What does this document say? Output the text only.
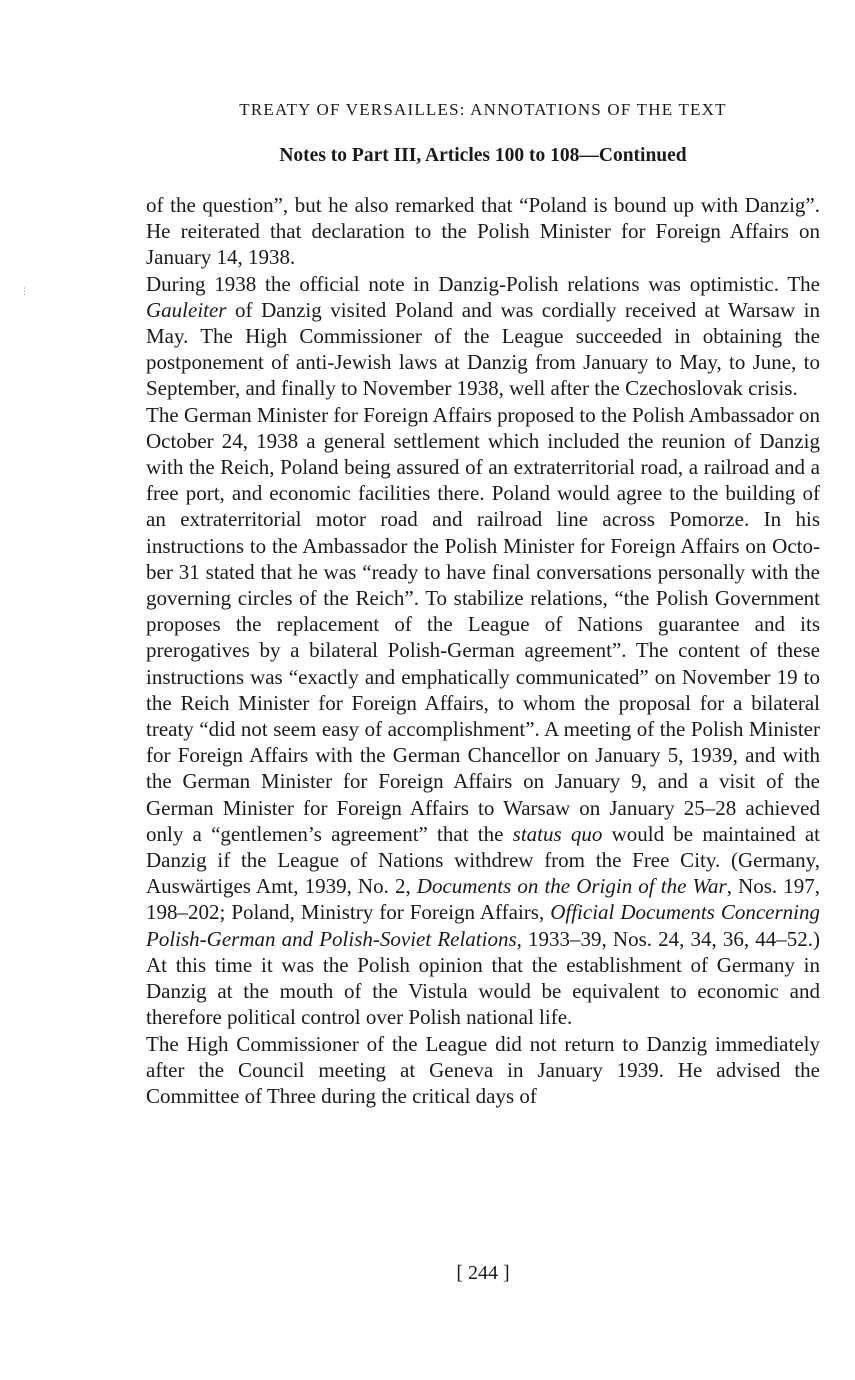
⋮
TREATY OF VERSAILLES: ANNOTATIONS OF THE TEXT
Notes to Part III, Articles 100 to 108—Continued

of the question”, but he also remarked that “Poland is bound up with Danzig”. He reiterated that declaration to the Polish Minister for Foreign Affairs on January 14, 1938.

During 1938 the official note in Danzig-Polish relations was optimistic. The Gauleiter of Danzig visited Poland and was cordially received at Warsaw in May. The High Commissioner of the League succeeded in obtaining the postponement of anti-Jewish laws at Danzig from January to May, to June, to September, and finally to November 1938, well after the Czechoslovak crisis.

The German Minister for Foreign Affairs proposed to the Polish Ambassador on October 24, 1938 a general settlement which included the reunion of Danzig with the Reich, Poland being assured of an extraterritorial road, a railroad and a free port, and economic facilities there. Poland would agree to the building of an extraterritorial motor road and railroad line across Pomorze. In his instructions to the Ambassador the Polish Minister for Foreign Affairs on October 31 stated that he was “ready to have final conversations personally with the governing circles of the Reich”. To stabilize relations, “the Polish Government proposes the replacement of the League of Nations guarantee and its prerogatives by a bilateral Polish-German agreement”. The content of these instructions was “exactly and emphatically communicated” on November 19 to the Reich Minister for Foreign Affairs, to whom the proposal for a bilateral treaty “did not seem easy of accomplishment”. A meeting of the Polish Minister for Foreign Affairs with the German Chancellor on January 5, 1939, and with the German Minister for Foreign Affairs on January 9, and a visit of the German Minister for Foreign Affairs to Warsaw on January 25–28 achieved only a “gentlemen’s agreement” that the status quo would be maintained at Danzig if the League of Nations withdrew from the Free City. (Germany, Auswärtiges Amt, 1939, No. 2, Documents on the Origin of the War, Nos. 197, 198–202; Poland, Ministry for Foreign Affairs, Official Documents Concerning Polish-German and Polish-Soviet Relations, 1933–39, Nos. 24, 34, 36, 44–52.) At this time it was the Polish opinion that the establishment of Germany in Danzig at the mouth of the Vistula would be equivalent to economic and therefore political control over Polish national life.

The High Commissioner of the League did not return to Danzig immediately after the Council meeting at Geneva in January 1939. He advised the Committee of Three during the critical days of

[ 244 ]
